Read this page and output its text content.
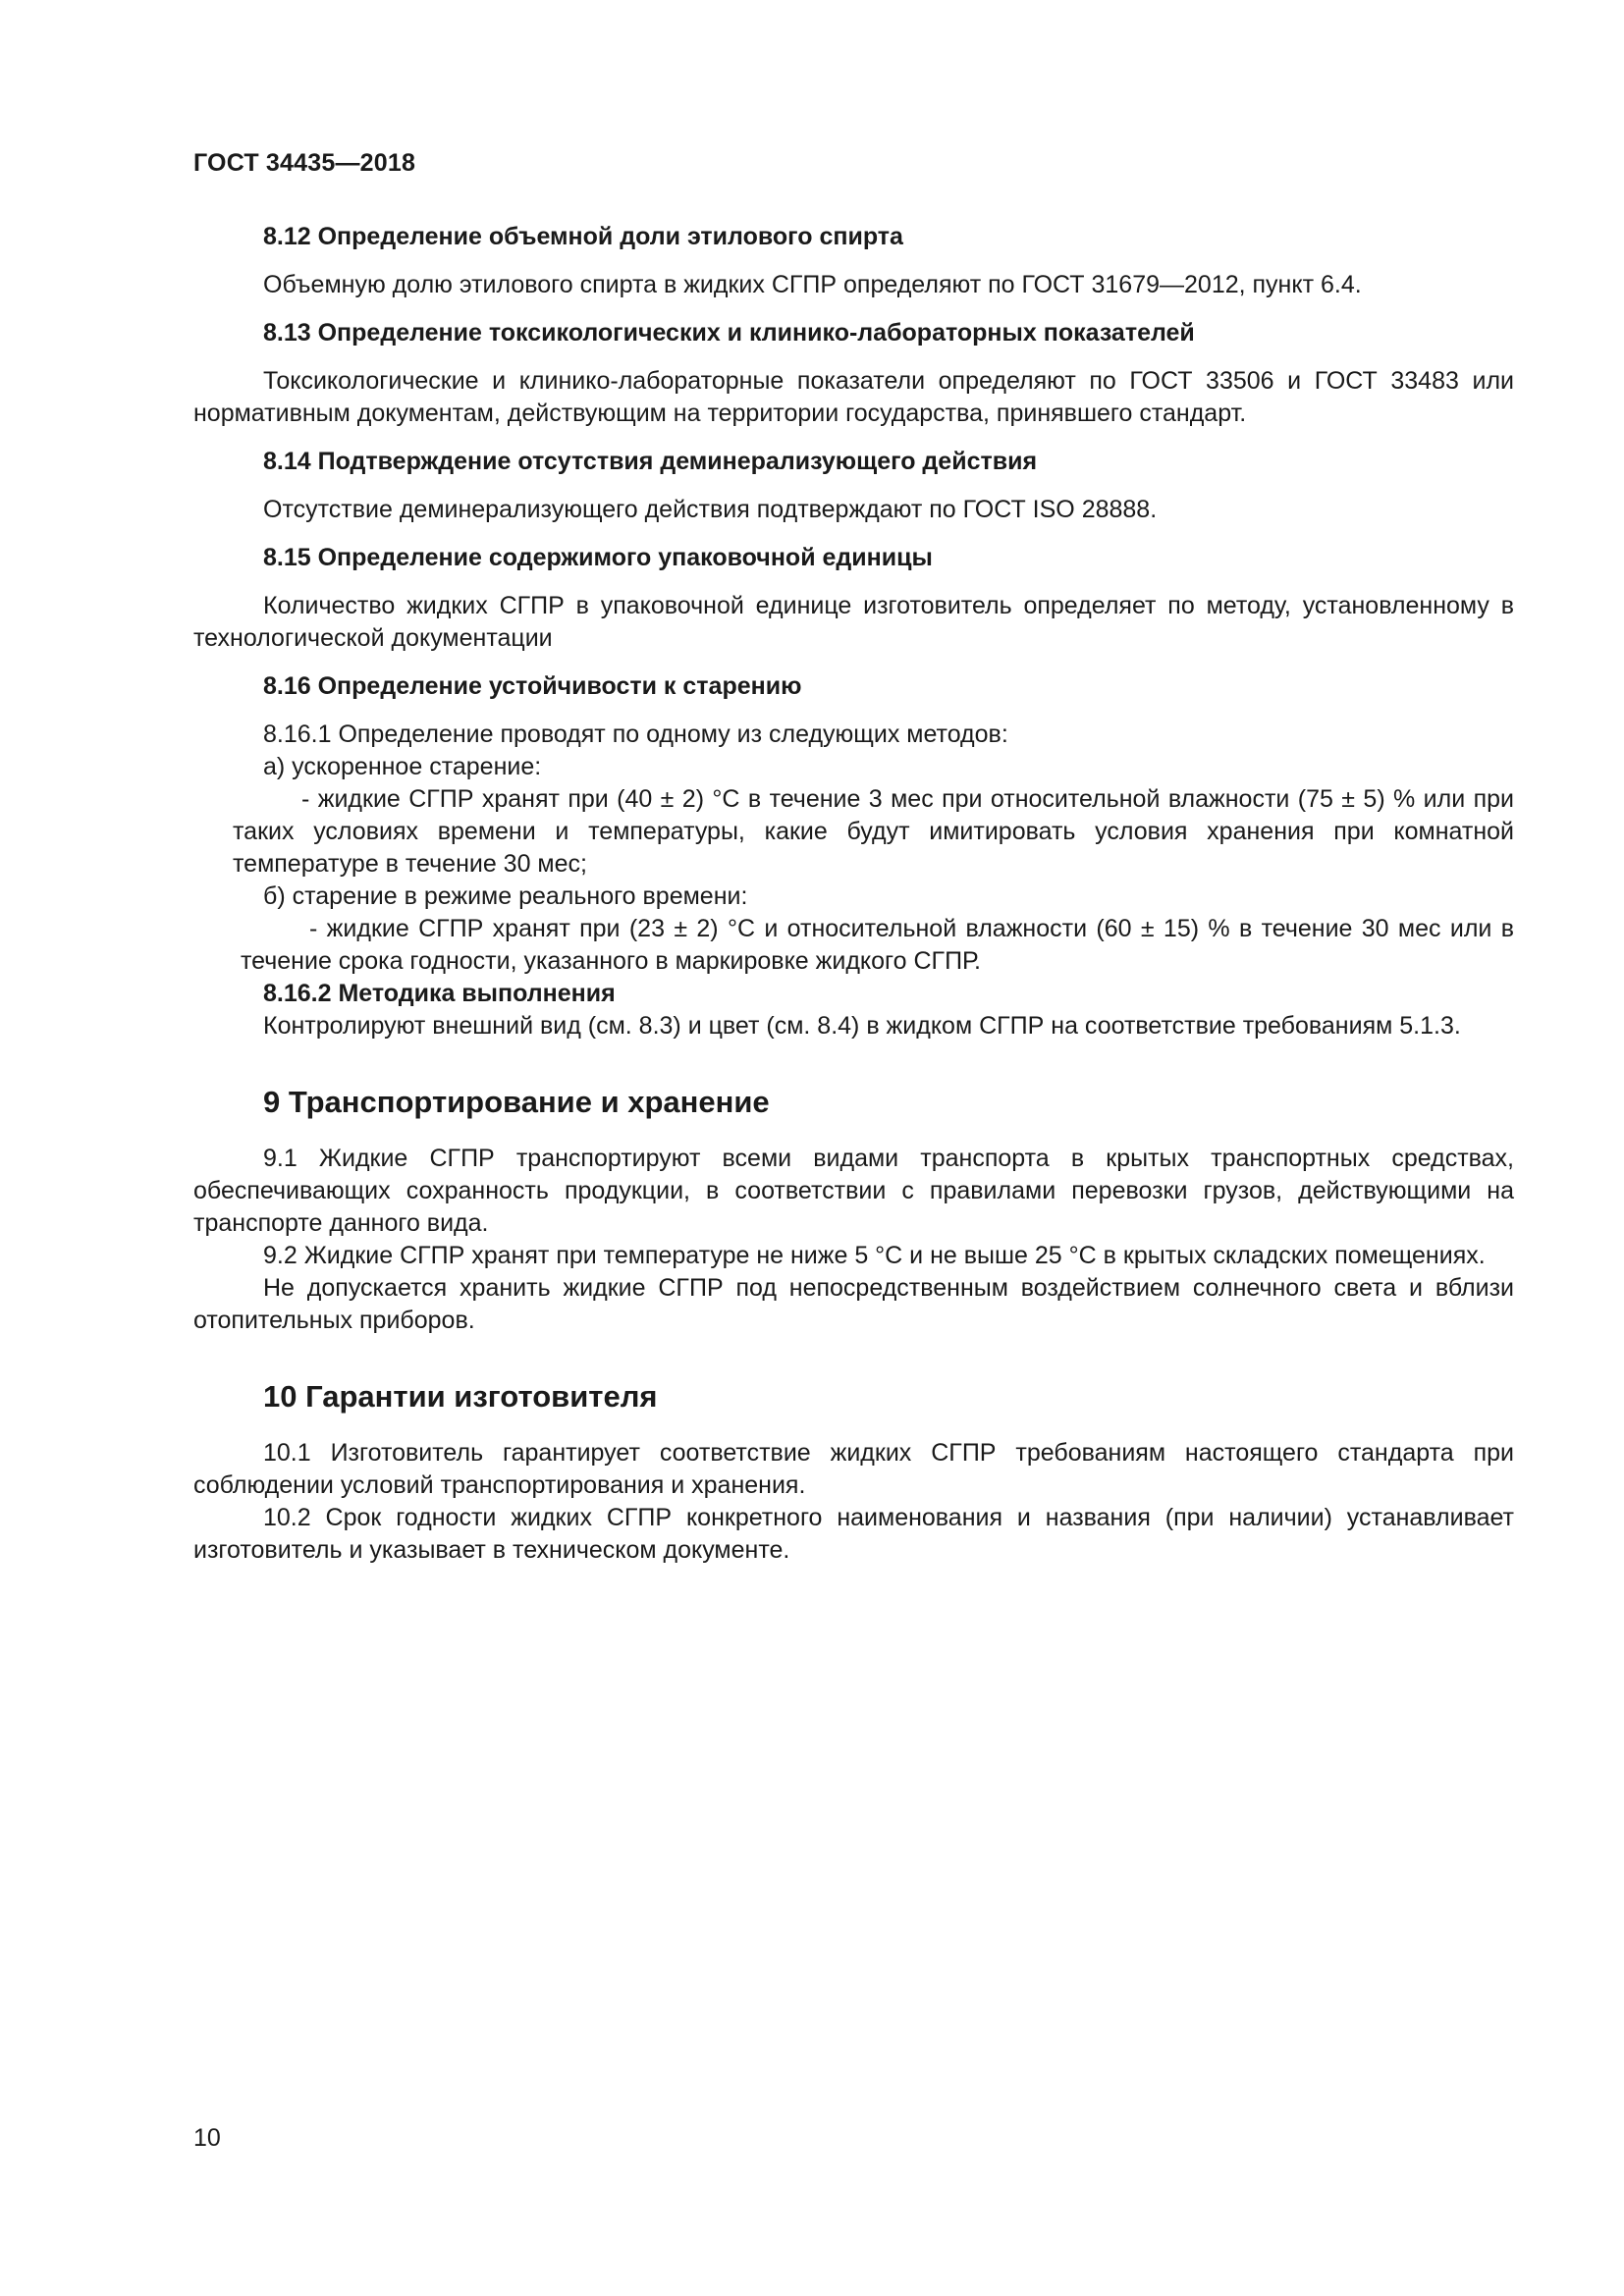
ГОСТ 34435—2018
8.12 Определение объемной доли этилового спирта

Объемную долю этилового спирта в жидких СГПР определяют по ГОСТ 31679—2012, пункт 6.4.

8.13 Определение токсикологических и клинико-лабораторных показателей

Токсикологические и клинико-лабораторные показатели определяют по ГОСТ 33506 и ГОСТ 33483 или нормативным документам, действующим на территории государства, принявшего стандарт.

8.14 Подтверждение отсутствия деминерализующего действия

Отсутствие деминерализующего действия подтверждают по ГОСТ ISO 28888.

8.15 Определение содержимого упаковочной единицы

Количество жидких СГПР в упаковочной единице изготовитель определяет по методу, установленному в технологической документации

8.16 Определение устойчивости к старению

8.16.1 Определение проводят по одному из следующих методов:

а) ускоренное старение:

- жидкие СГПР хранят при (40 ± 2) °С в течение 3 мес при относительной влажности (75 ± 5) % или при таких условиях времени и температуры, какие будут имитировать условия хранения при комнатной температуре в течение 30 мес;

б) старение в режиме реального времени:

- жидкие СГПР хранят при (23 ± 2) °С и относительной влажности (60 ± 15) % в течение 30 мес или в течение срока годности, указанного в маркировке жидкого СГПР.

8.16.2 Методика выполнения

Контролируют внешний вид (см. 8.3) и цвет (см. 8.4) в жидком СГПР на соответствие требованиям 5.1.3.

9 Транспортирование и хранение

9.1 Жидкие СГПР транспортируют всеми видами транспорта в крытых транспортных средствах, обеспечивающих сохранность продукции, в соответствии с правилами перевозки грузов, действующими на транспорте данного вида.

9.2 Жидкие СГПР хранят при температуре не ниже 5 °С и не выше 25 °С в крытых складских помещениях.

Не допускается хранить жидкие СГПР под непосредственным воздействием солнечного света и вблизи отопительных приборов.

10 Гарантии изготовителя

10.1 Изготовитель гарантирует соответствие жидких СГПР требованиям настоящего стандарта при соблюдении условий транспортирования и хранения.

10.2 Срок годности жидких СГПР конкретного наименования и названия (при наличии) устанавливает изготовитель и указывает в техническом документе.

10
